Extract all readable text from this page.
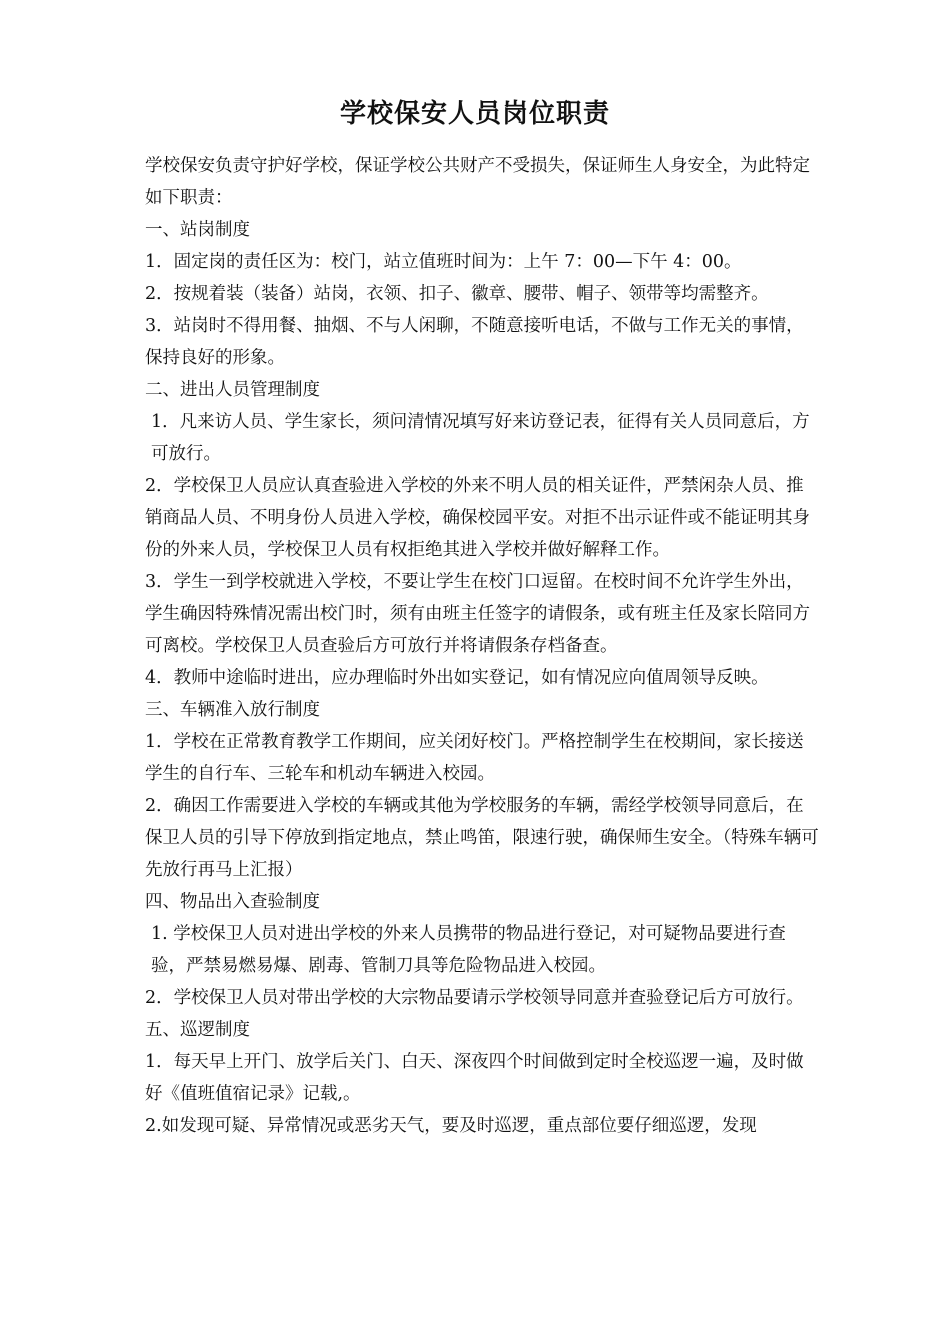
学校保安人员岗位职责

学校保安负责守护好学校，保证学校公共财产不受损失，保证师生人身安全，为此特定如下职责：

一、站岗制度

1．固定岗的责任区为：校门，站立值班时间为：上午 7：00—下午 4：00。

2．按规着装（装备）站岗，衣领、扣子、徽章、腰带、帽子、领带等均需整齐。

3．站岗时不得用餐、抽烟、不与人闲聊，不随意接听电话，不做与工作无关的事情，保持良好的形象。

二、进出人员管理制度

1．凡来访人员、学生家长，须问清情况填写好来访登记表，征得有关人员同意后，方可放行。

2．学校保卫人员应认真查验进入学校的外来不明人员的相关证件，严禁闲杂人员、推销商品人员、不明身份人员进入学校，确保校园平安。对拒不出示证件或不能证明其身份的外来人员，学校保卫人员有权拒绝其进入学校并做好解释工作。

3．学生一到学校就进入学校，不要让学生在校门口逗留。在校时间不允许学生外出，学生确因特殊情况需出校门时，须有由班主任签字的请假条，或有班主任及家长陪同方可离校。学校保卫人员查验后方可放行并将请假条存档备查。

4．教师中途临时进出，应办理临时外出如实登记，如有情况应向值周领导反映。

三、车辆准入放行制度

1．学校在正常教育教学工作期间，应关闭好校门。严格控制学生在校期间，家长接送学生的自行车、三轮车和机动车辆进入校园。

2．确因工作需要进入学校的车辆或其他为学校服务的车辆，需经学校领导同意后，在保卫人员的引导下停放到指定地点，禁止鸣笛，限速行驶，确保师生安全。（特殊车辆可先放行再马上汇报）

四、物品出入查验制度

1. 学校保卫人员对进出学校的外来人员携带的物品进行登记，对可疑物品要进行查验，严禁易燃易爆、剧毒、管制刀具等危险物品进入校园。

2．学校保卫人员对带出学校的大宗物品要请示学校领导同意并查验登记后方可放行。

五、巡逻制度

1．每天早上开门、放学后关门、白天、深夜四个时间做到定时全校巡逻一遍，及时做好《值班值宿记录》记载,。

2.如发现可疑、异常情况或恶劣天气，要及时巡逻，重点部位要仔细巡逻，发现
